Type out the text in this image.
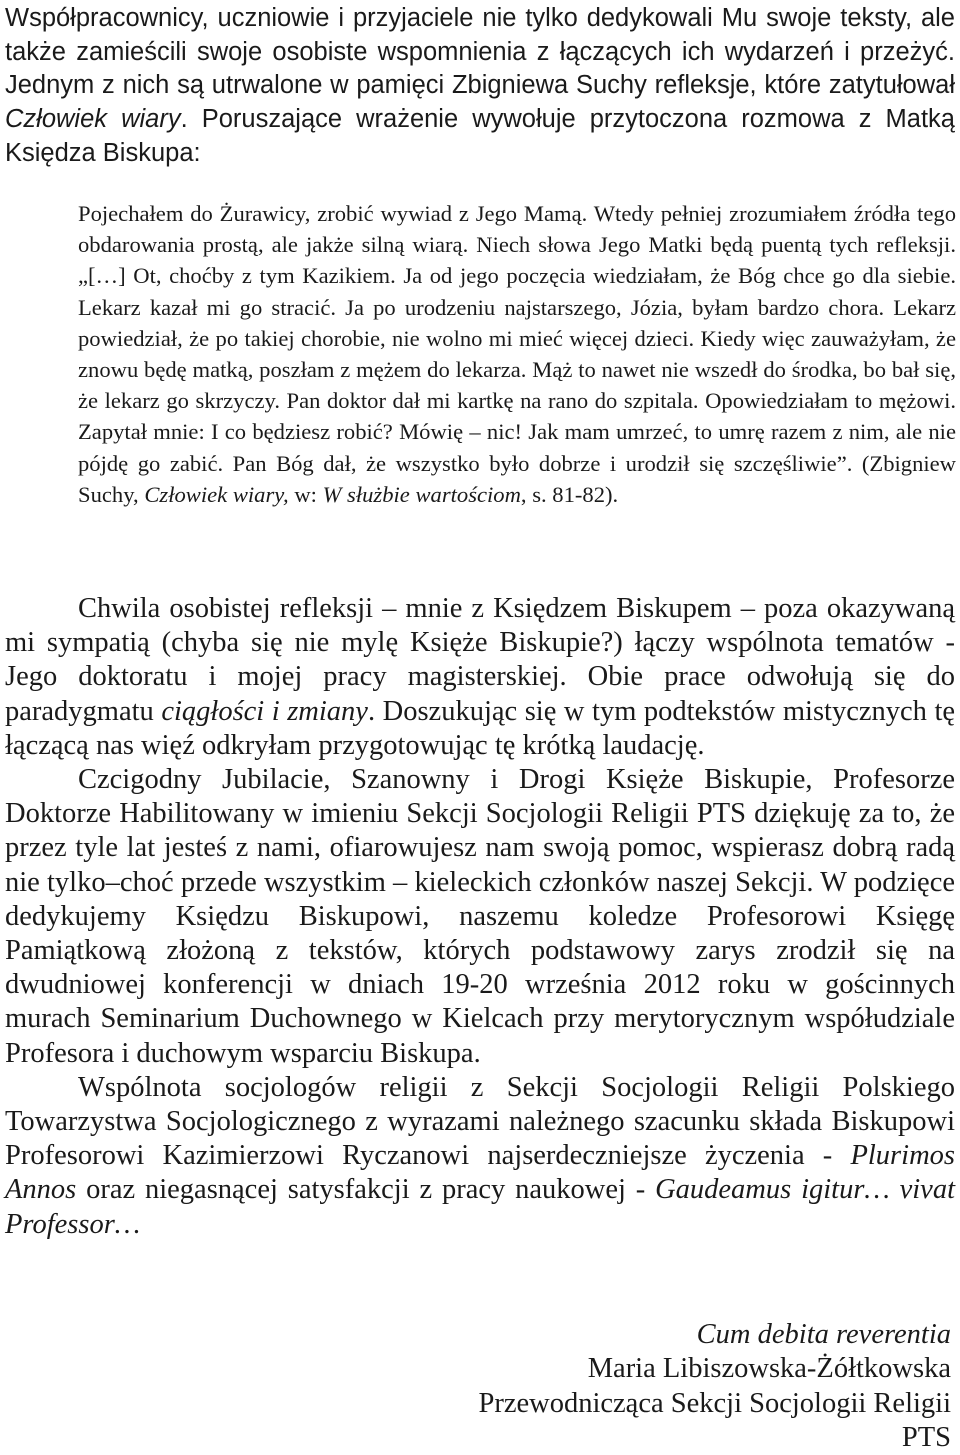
Współpracownicy, uczniowie i przyjaciele nie tylko dedykowali Mu swoje teksty, ale także zamieścili swoje osobiste wspomnienia z łączących ich wydarzeń i przeżyć. Jednym z nich są utrwalone w pamięci Zbigniewa Suchy refleksje, które zatytułował Człowiek wiary. Poruszające wrażenie wywołuje przytoczona rozmowa z Matką Księdza Biskupa:

Pojechałem do Żurawicy, zrobić wywiad z Jego Mamą. Wtedy pełniej zrozumiałem źródła tego obdarowania prostą, ale jakże silną wiarą. Niech słowa Jego Matki będą puentą tych refleksji. „[…] Ot, choćby z tym Kazikiem. Ja od jego poczęcia wiedziałam, że Bóg chce go dla siebie. Lekarz kazał mi go stracić. Ja po urodzeniu najstarszego, Józia, byłam bardzo chora. Lekarz powiedział, że po takiej chorobie, nie wolno mi mieć więcej dzieci. Kiedy więc zauważyłam, że znowu będę matką, poszłam z mężem do lekarza. Mąż to nawet nie wszedł do środka, bo bał się, że lekarz go skrzyczy. Pan doktor dał mi kartkę na rano do szpitala. Opowiedziałam to mężowi. Zapytał mnie: I co będziesz robić? Mówię – nic! Jak mam umrzeć, to umrę razem z nim, ale nie pójdę go zabić. Pan Bóg dał, że wszystko było dobrze i urodził się szczęśliwie”. (Zbigniew Suchy, Człowiek wiary, w: W służbie wartościom, s. 81-82).

Chwila osobistej refleksji – mnie z Księdzem Biskupem – poza okazywaną mi sympatią (chyba się nie mylę Księże Biskupie?) łączy wspólnota tematów - Jego doktoratu i mojej pracy magisterskiej. Obie prace odwołują się do paradygmatu ciągłości i zmiany. Doszukując się w tym podtekstów mistycznych tę łączącą nas więź odkryłam przygotowując tę krótką laudację.

Czcigodny Jubilacie, Szanowny i Drogi Księże Biskupie, Profesorze Doktorze Habilitowany w imieniu Sekcji Socjologii Religii PTS dziękuję za to, że przez tyle lat jesteś z nami, ofiarowujesz nam swoją pomoc, wspierasz dobrą radą nie tylko–choć przede wszystkim – kieleckich członków naszej Sekcji. W podzięce dedykujemy Księdzu Biskupowi, naszemu koledze Profesorowi Księgę Pamiątkową złożoną z tekstów, których podstawowy zarys zrodził się na dwudniowej konferencji w dniach 19-20 września 2012 roku w gościnnych murach Seminarium Duchownego w Kielcach przy merytorycznym współudziale Profesora i duchowym wsparciu Biskupa.

Wspólnota socjologów religii z Sekcji Socjologii Religii Polskiego Towarzystwa Socjologicznego z wyrazami należnego szacunku składa Biskupowi Profesorowi Kazimierzowi Ryczanowi najserdeczniejsze życzenia - Plurimos Annos oraz niegasnącej satysfakcji z pracy naukowej - Gaudeamus igitur… vivat Professor…

Cum debita reverentia
Maria Libiszowska-Żółtkowska
Przewodnicząca Sekcji Socjologii Religii
PTS
